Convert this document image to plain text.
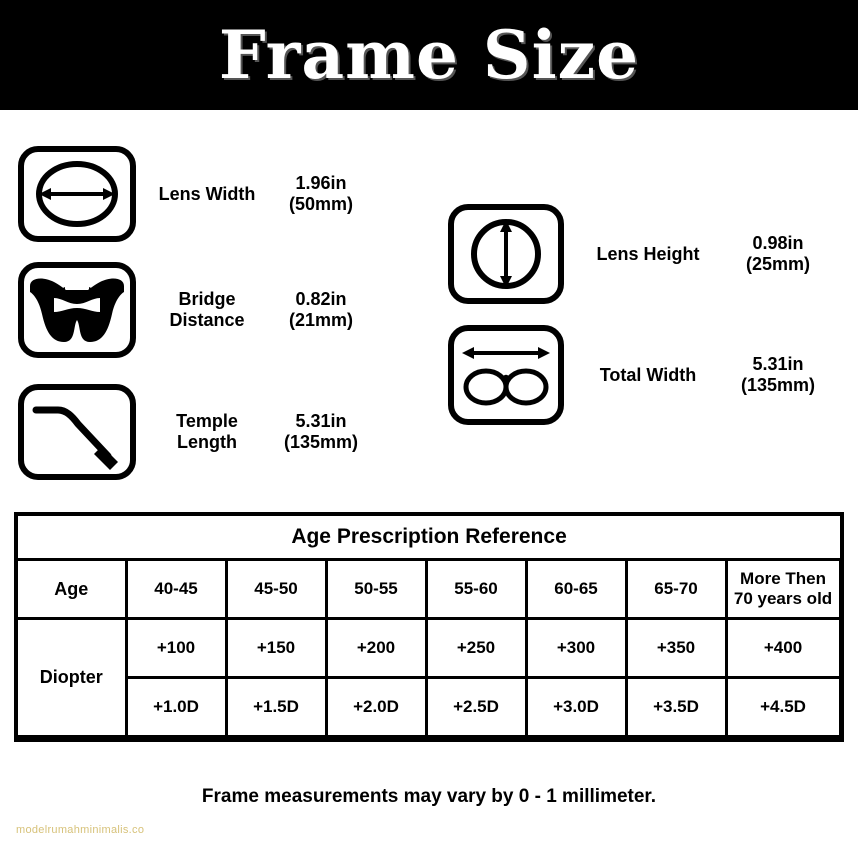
Frame Size
Lens Width
1.96in
(50mm)
Bridge
Distance
0.82in
(21mm)
Temple
Length
5.31in
(135mm)
Lens Height
0.98in
(25mm)
Total Width
5.31in
(135mm)
Age Prescription Reference							
Age	40-45	45-50	50-55	55-60	60-65	65-70	More Then
70 years old
Diopter	+100	+150	+200	+250	+300	+350	+400
	+1.0D	+1.5D	+2.0D	+2.5D	+3.0D	+3.5D	+4.5D
Frame measurements may vary by 0 - 1 millimeter.
modelrumahminimalis.co
